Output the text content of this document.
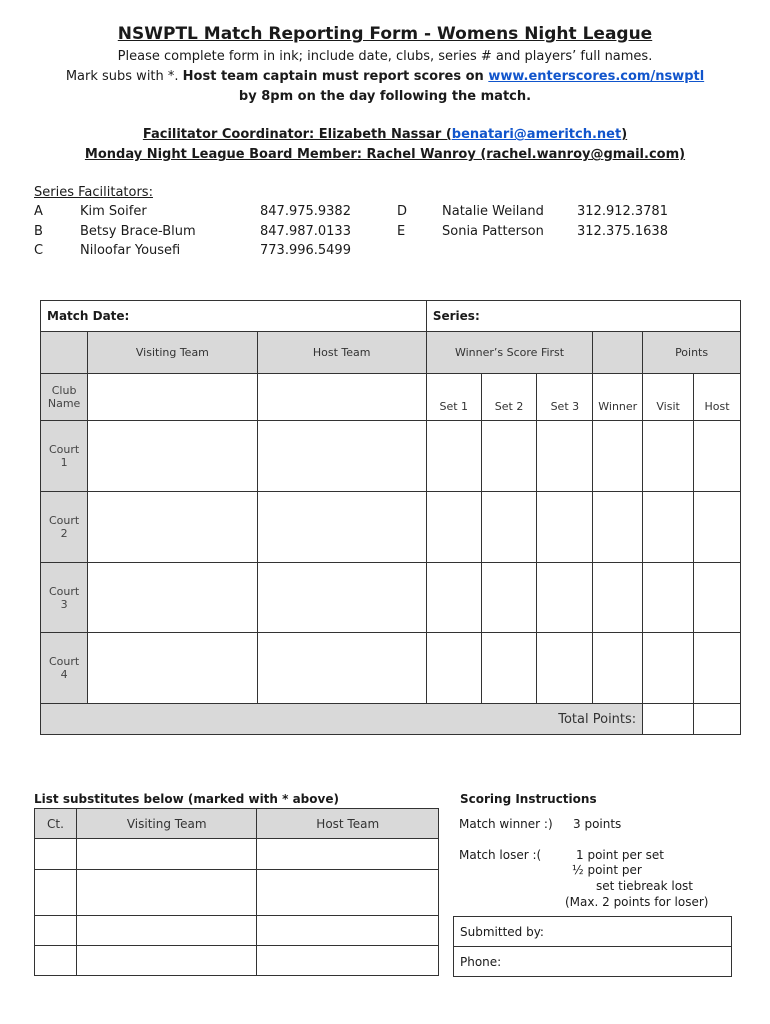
NSWPTL Match Reporting Form - Womens Night League
Please complete form in ink; include date, clubs, series # and players’ full names.
Mark subs with *. Host team captain must report scores on www.enterscores.com/nswptl
by 8pm on the day following the match.
Facilitator Coordinator: Elizabeth Nassar (benatari@ameritch.net)
Monday Night League Board Member: Rachel Wanroy (rachel.wanroy@gmail.com)
Series Facilitators:
A	Kim Soifer	847.975.9382
B	Betsy Brace-Blum	847.987.0133
C	Niloofar Yousefi	773.996.5499
D	Natalie Weiland	312.912.3781
E	Sonia Patterson	312.375.1638
Match Date:			Series:					
	Visiting Team	Host Team	Winner’s Score First				Points	
Club Name			Set 1	Set 2	Set 3	Winner	Visit	Host
Court 1								
Court 2								
Court 3								
Court 4								
Total Points:								
List substitutes below (marked with * above)
Ct.	Visiting Team	Host Team

Scoring Instructions
Match winner :) 3 points
Match loser :(	1 point per set
½ point per
set tiebreak lost
(Max. 2 points for loser)
Submitted by:
Phone:
